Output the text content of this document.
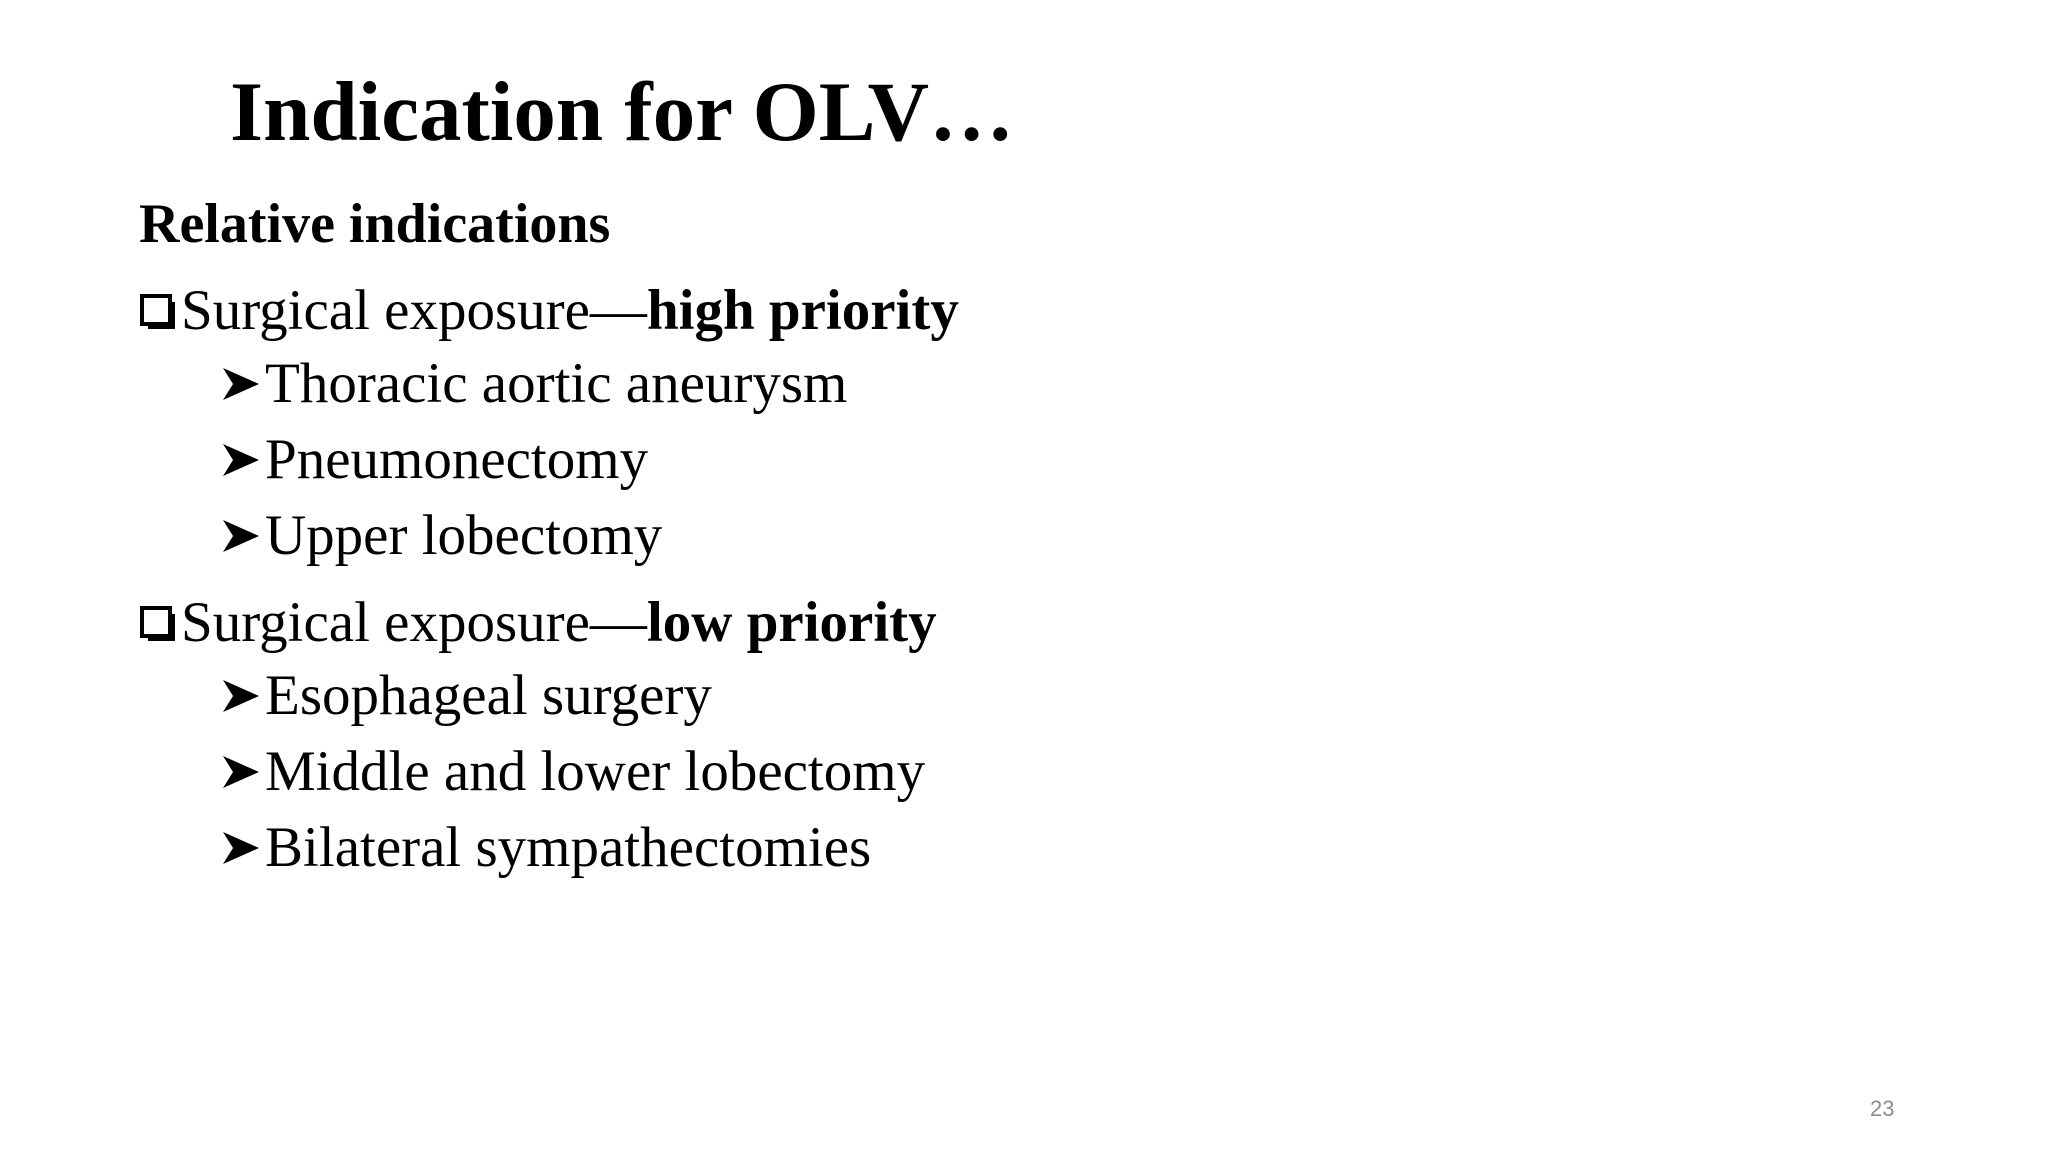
Indication for OLV…
Relative indications
Surgical exposure— high priority
Thoracic aortic aneurysm
Pneumonectomy
Upper lobectomy
Surgical exposure— low priority
Esophageal surgery
Middle and lower lobectomy
Bilateral sympathectomies
23
